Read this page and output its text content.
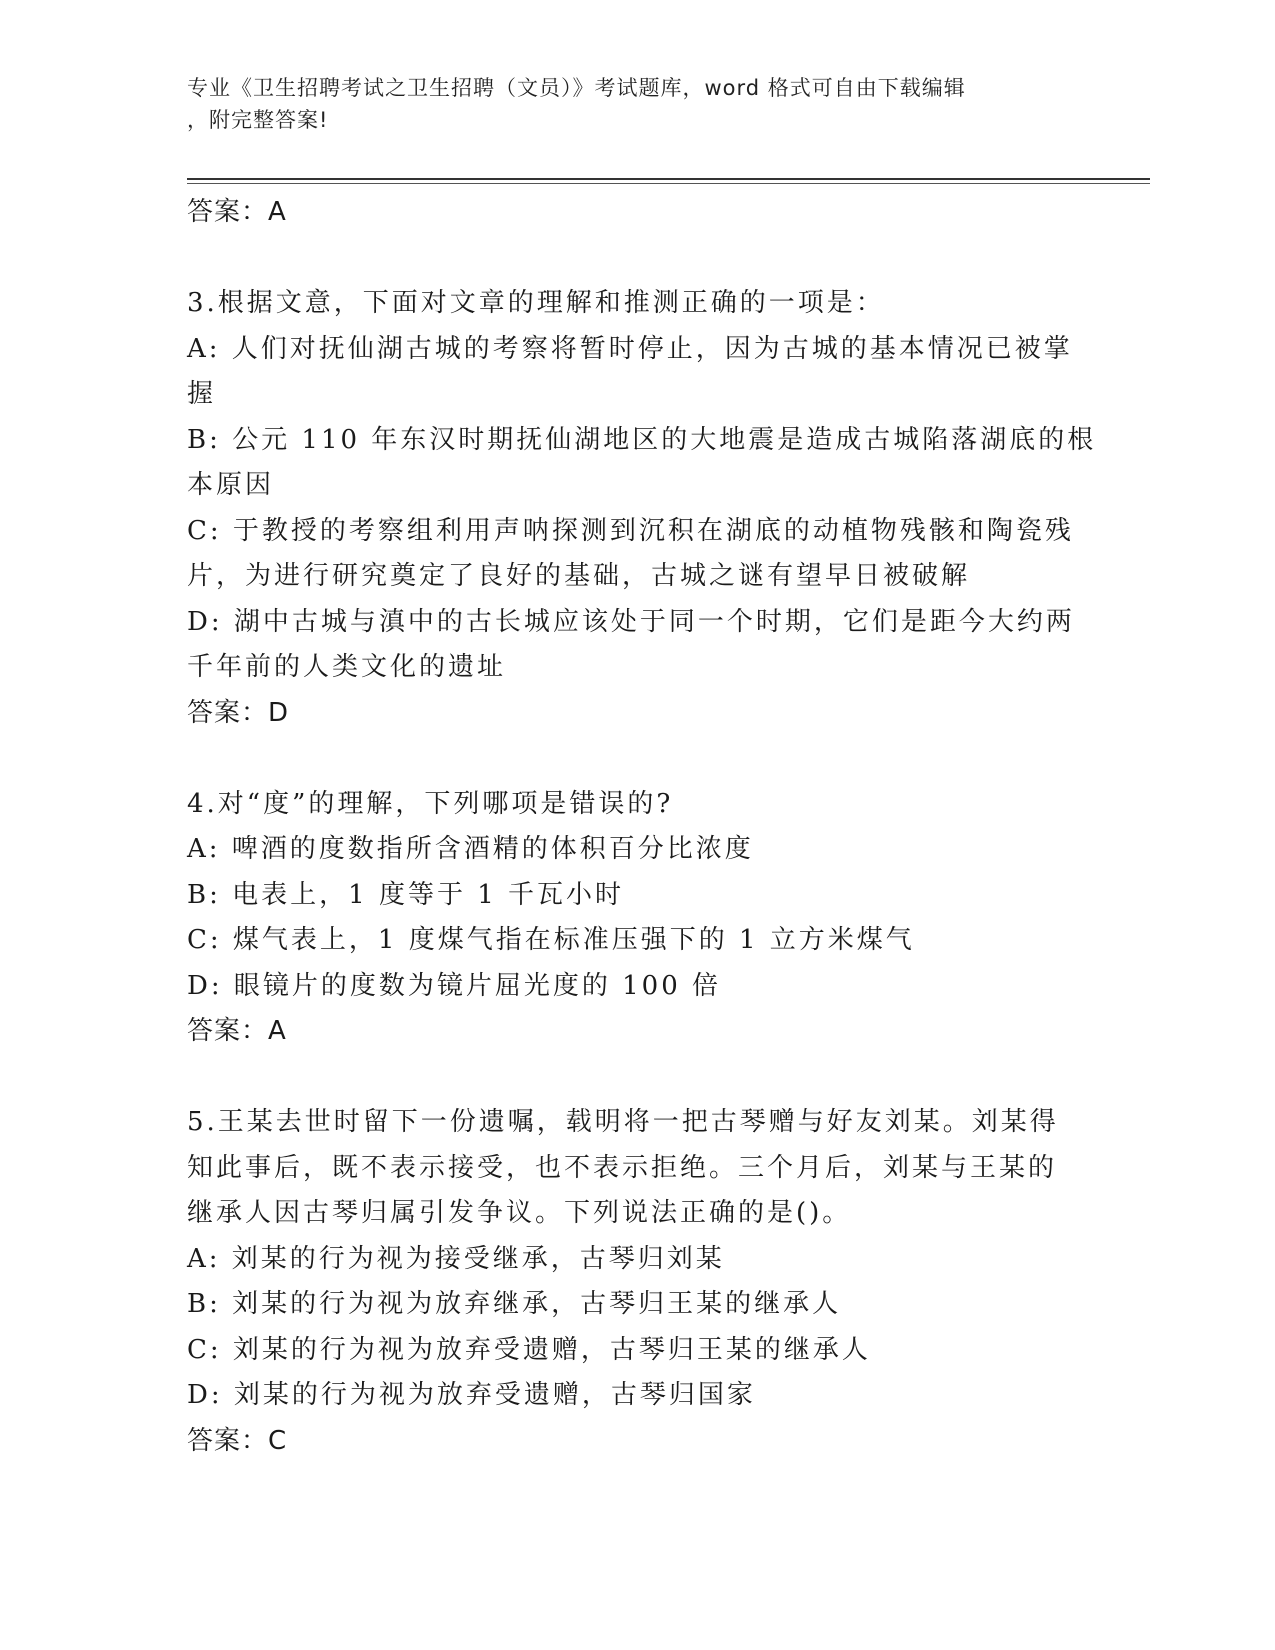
专业《卫生招聘考试之卫生招聘（文员）》考试题库，word 格式可自由下载编辑
，附完整答案!
答案：A
3.根据文意，下面对文章的理解和推测正确的一项是：
A: 人们对抚仙湖古城的考察将暂时停止，因为古城的基本情况已被掌
握
B: 公元 110 年东汉时期抚仙湖地区的大地震是造成古城陷落湖底的根
本原因
C: 于教授的考察组利用声呐探测到沉积在湖底的动植物残骸和陶瓷残
片，为进行研究奠定了良好的基础，古城之谜有望早日被破解
D: 湖中古城与滇中的古长城应该处于同一个时期，它们是距今大约两
千年前的人类文化的遗址
答案：D
4.对“度”的理解，下列哪项是错误的?
A: 啤酒的度数指所含酒精的体积百分比浓度
B: 电表上，1 度等于 1 千瓦小时
C: 煤气表上，1 度煤气指在标准压强下的 1 立方米煤气
D: 眼镜片的度数为镜片屈光度的 100 倍
答案：A
5.王某去世时留下一份遗嘱，载明将一把古琴赠与好友刘某。刘某得
知此事后，既不表示接受，也不表示拒绝。三个月后，刘某与王某的
继承人因古琴归属引发争议。下列说法正确的是()。
A: 刘某的行为视为接受继承，古琴归刘某
B: 刘某的行为视为放弃继承，古琴归王某的继承人
C: 刘某的行为视为放弃受遗赠，古琴归王某的继承人
D: 刘某的行为视为放弃受遗赠，古琴归国家
答案：C
